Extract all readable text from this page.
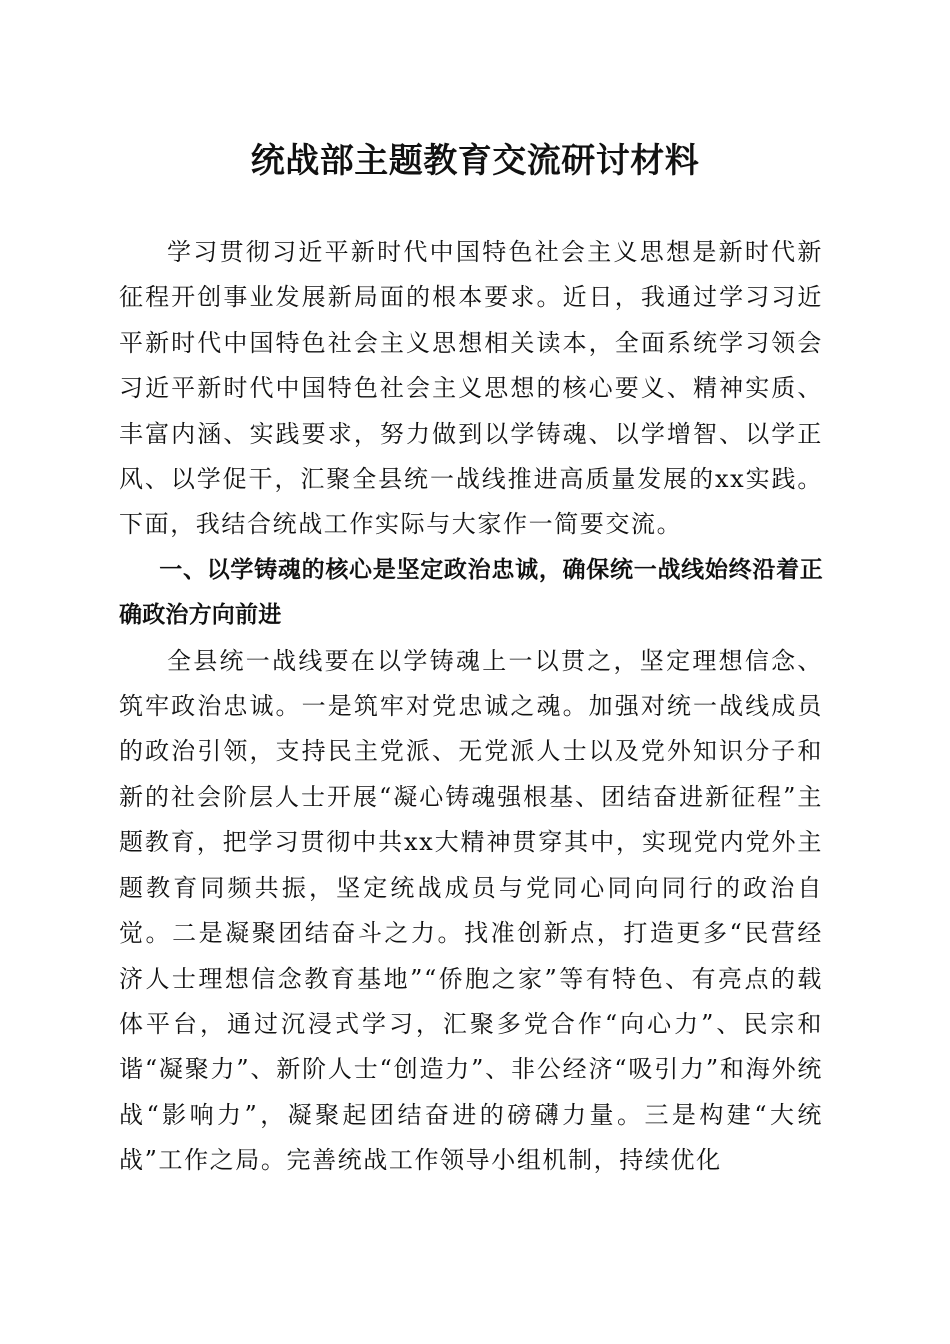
统战部主题教育交流研讨材料

学习贯彻习近平新时代中国特色社会主义思想是新时代新征程开创事业发展新局面的根本要求。近日，我通过学习习近平新时代中国特色社会主义思想相关读本，全面系统学习领会习近平新时代中国特色社会主义思想的核心要义、精神实质、丰富内涵、实践要求，努力做到以学铸魂、以学增智、以学正风、以学促干，汇聚全县统一战线推进高质量发展的xx实践。下面，我结合统战工作实际与大家作一简要交流。

一、以学铸魂的核心是坚定政治忠诚，确保统一战线始终沿着正确政治方向前进

全县统一战线要在以学铸魂上一以贯之，坚定理想信念、筑牢政治忠诚。一是筑牢对党忠诚之魂。加强对统一战线成员的政治引领，支持民主党派、无党派人士以及党外知识分子和新的社会阶层人士开展“凝心铸魂强根基、团结奋进新征程”主题教育，把学习贯彻中共xx大精神贯穿其中，实现党内党外主题教育同频共振，坚定统战成员与党同心同向同行的政治自觉。二是凝聚团结奋斗之力。找准创新点，打造更多“民营经济人士理想信念教育基地”“侨胞之家”等有特色、有亮点的载体平台，通过沉浸式学习，汇聚多党合作“向心力”、民宗和谐“凝聚力”、新阶人士“创造力”、非公经济“吸引力”和海外统战“影响力”，凝聚起团结奋进的磅礴力量。三是构建“大统战”工作之局。完善统战工作领导小组机制，持续优化
